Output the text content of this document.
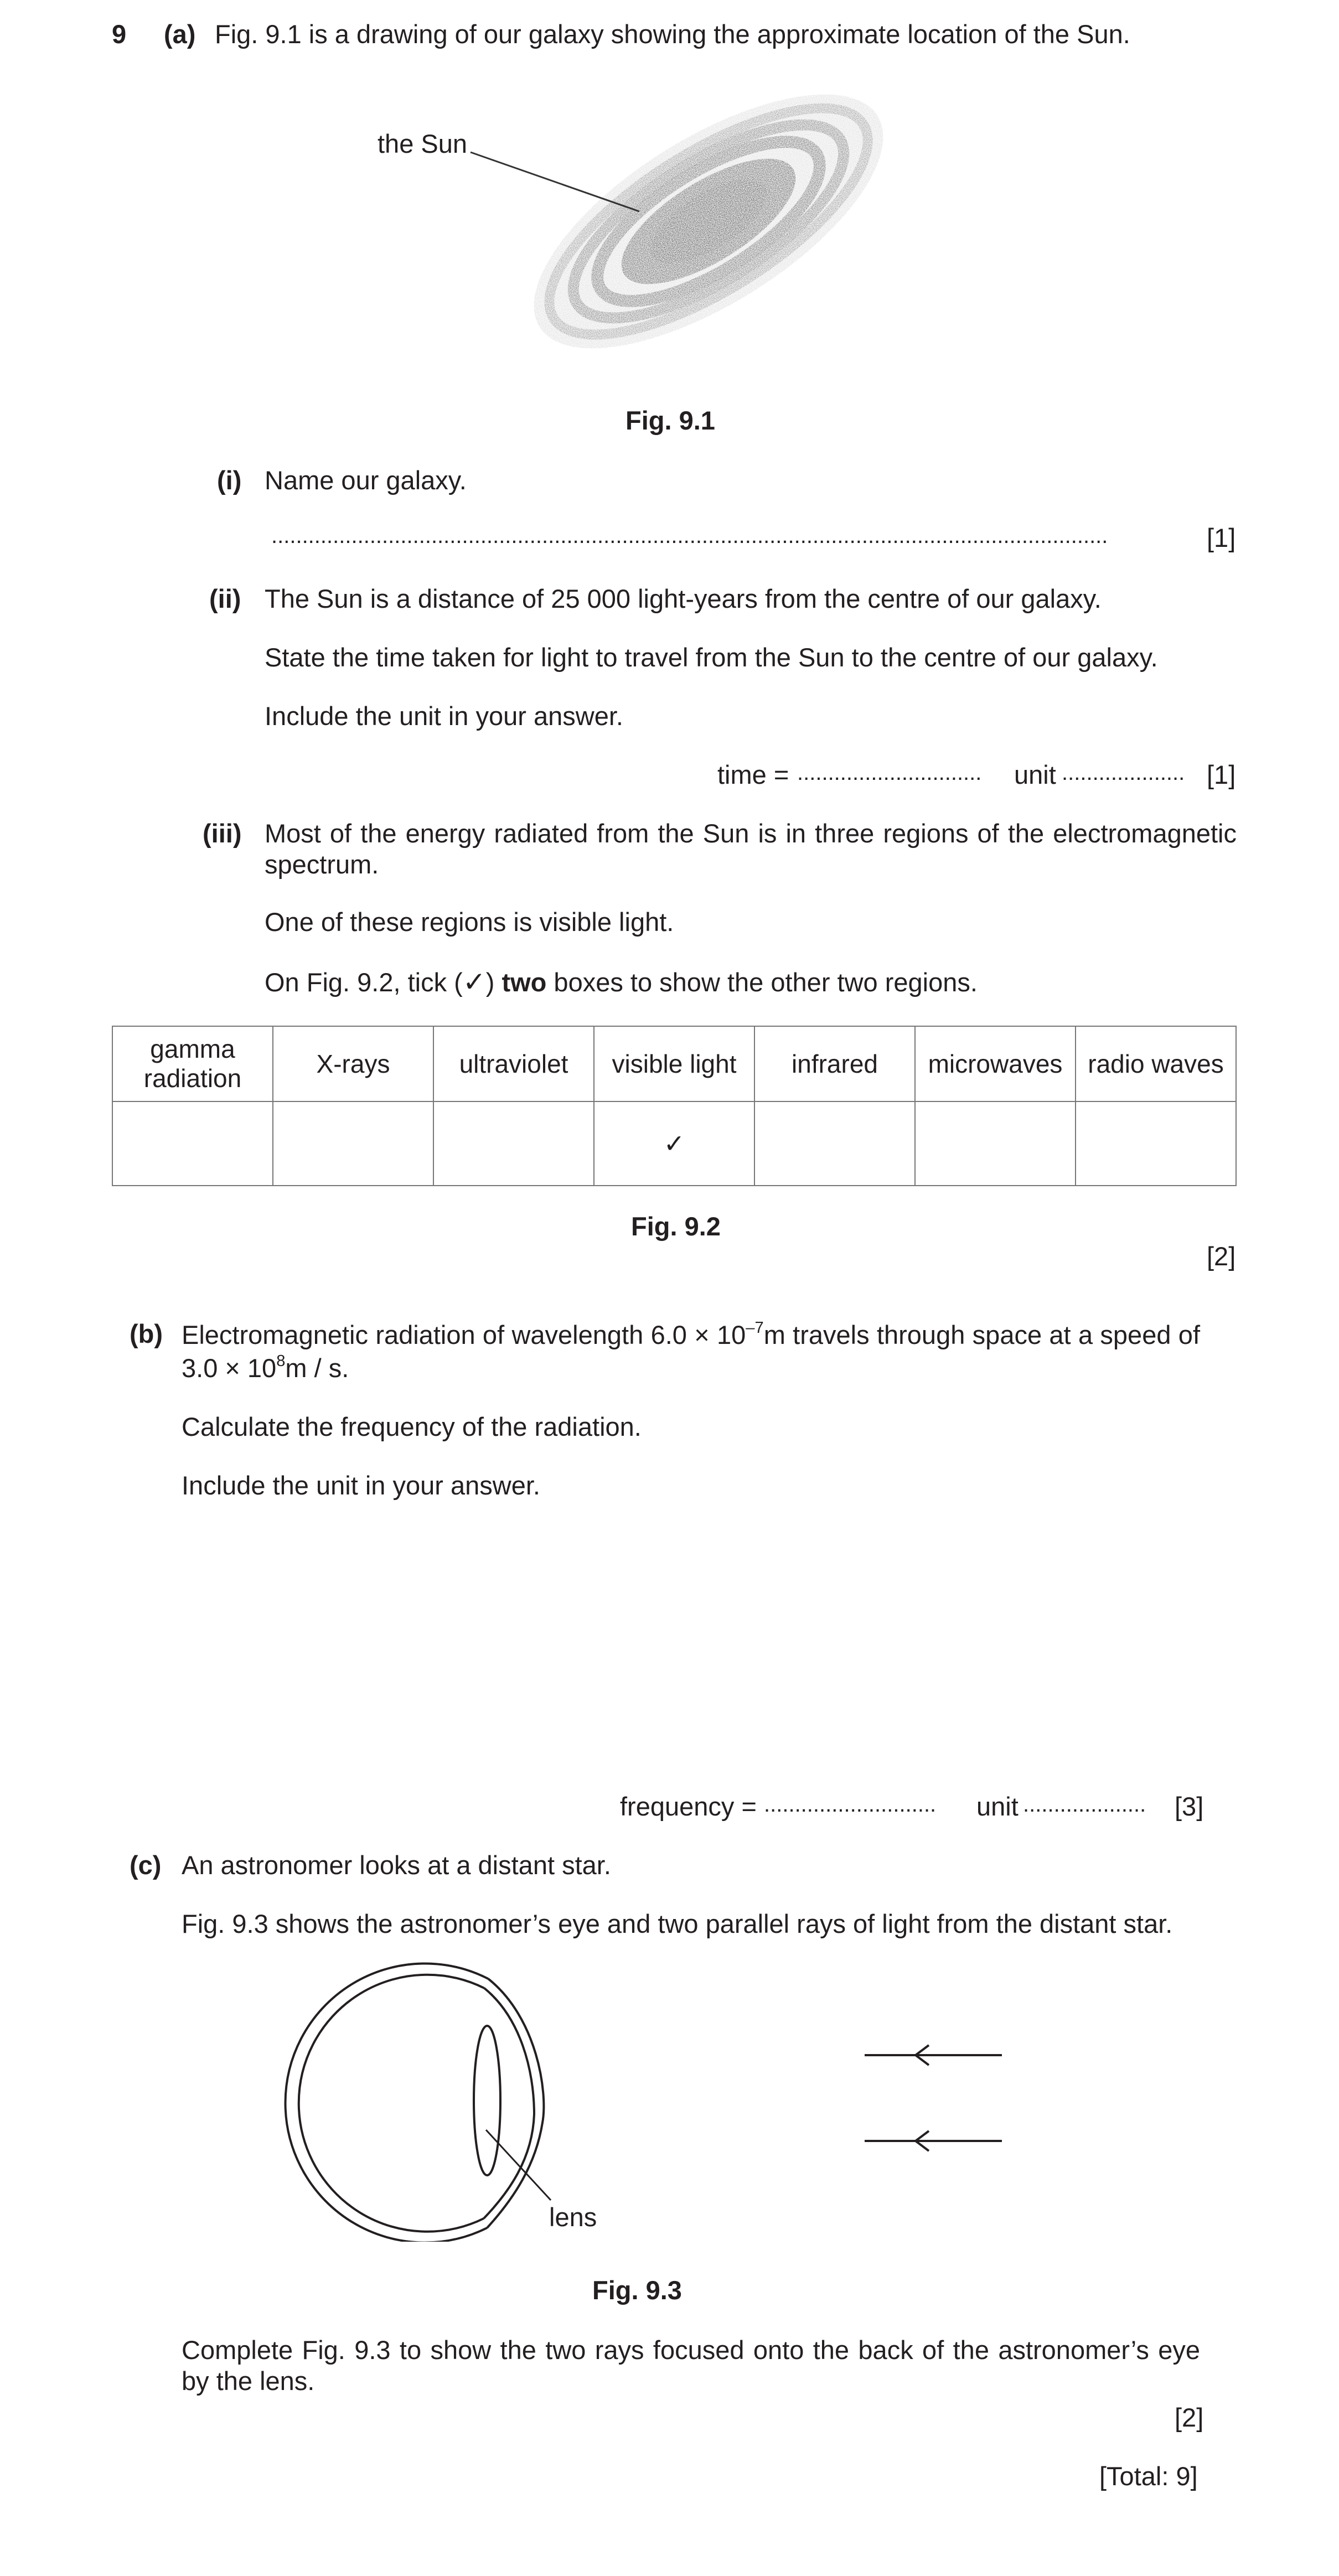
9 (a) Fig. 9.1 is a drawing of our galaxy showing the approximate location of the Sun.
the Sun
Fig. 9.1
(i) Name our galaxy.
........................................................................................................................................	[1]
(ii) The Sun is a distance of 25 000 light-years from the centre of our galaxy.
State the time taken for light to travel from the Sun to the centre of our galaxy.
Include the unit in your answer.
time = .............................. unit .................... [1]
(iii) Most of the energy radiated from the Sun is in three regions of the electromagnetic spectrum.
One of these regions is visible light.
On Fig. 9.2, tick (✓) two boxes to show the other two regions.
gamma radiation	X-rays	ultraviolet	visible light	infrared	microwaves	radio waves
			✓			
Fig. 9.2
[2]
(b) Electromagnetic radiation of wavelength $6.0 \times 10^{-7}m$ travels through space at a speed of $3.0 \times 10^8m / s$.
Calculate the frequency of the radiation.
Include the unit in your answer.
frequency = ............................ unit .................... [3]
(c) An astronomer looks at a distant star.
Fig. 9.3 shows the astronomer’s eye and two parallel rays of light from the distant star.
lens
Fig. 9.3
Complete Fig. 9.3 to show the two rays focused onto the back of the astronomer’s eye by the lens.
[2]
[Total: 9]
